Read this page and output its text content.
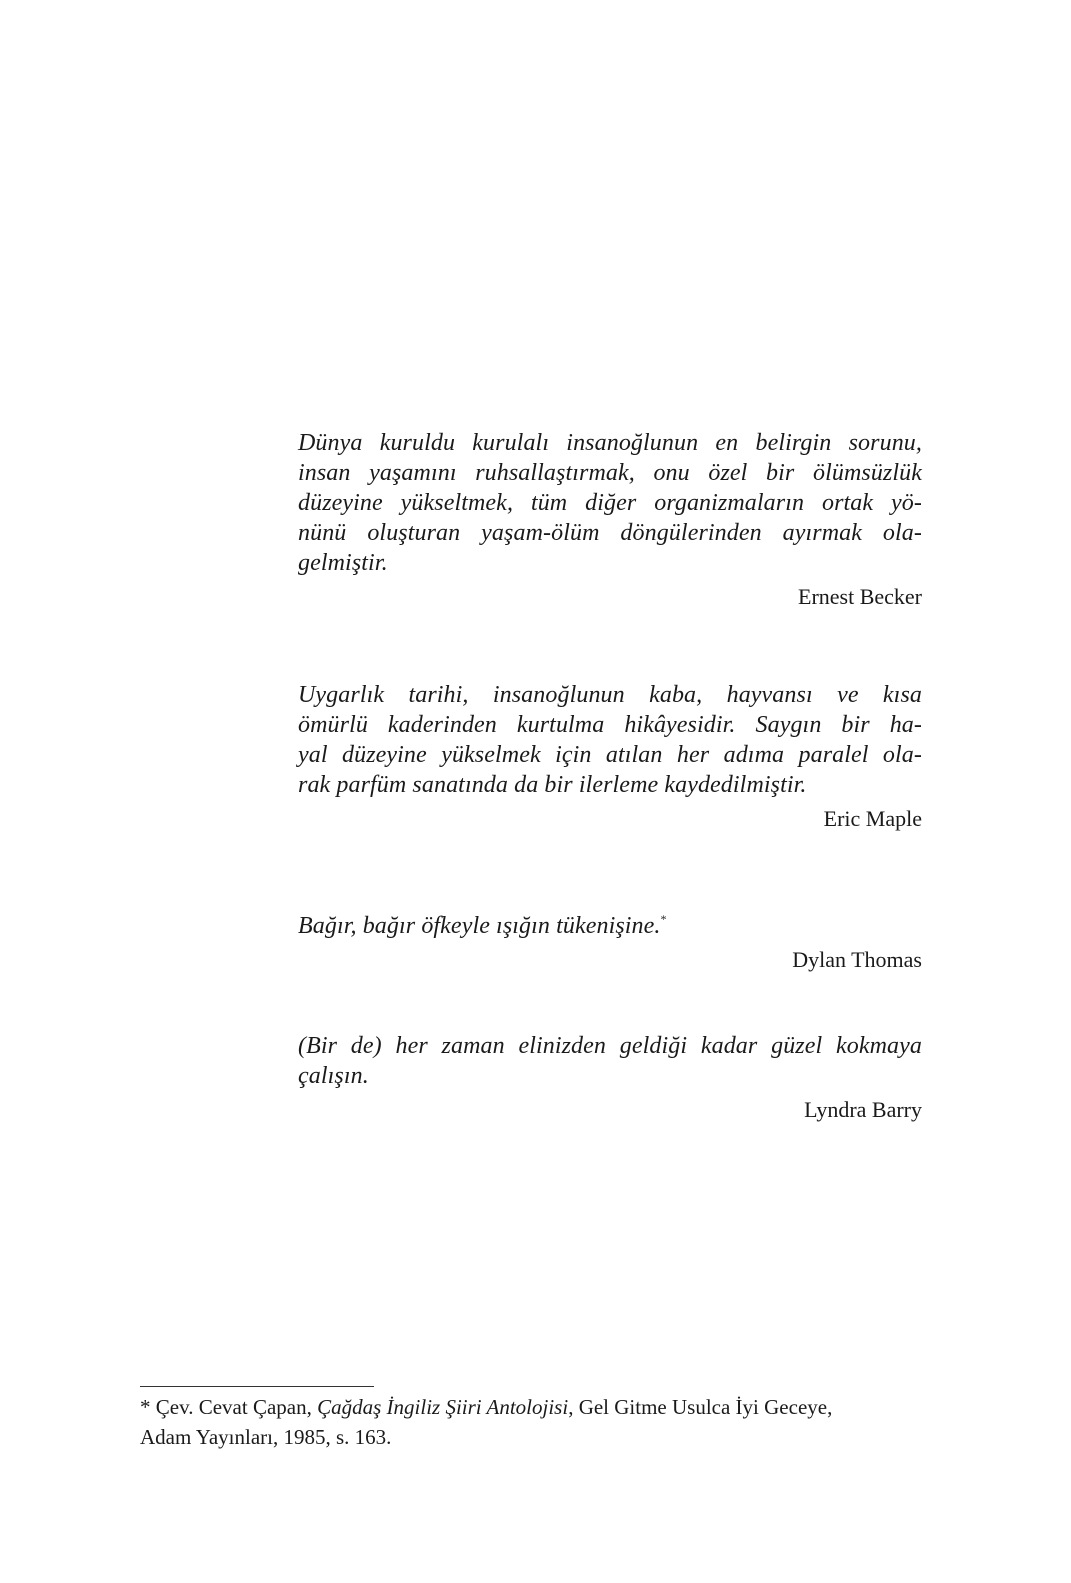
Dünya kuruldu kurulalı insanoğlunun en belirgin sorunu,
insan yaşamını ruhsallaştırmak, onu özel bir ölümsüzlük
düzeyine yükseltmek, tüm diğer organizmaların ortak yö-
nünü oluşturan yaşam-ölüm döngülerinden ayırmak ola-
gelmiştir.

Ernest Becker

Uygarlık tarihi, insanoğlunun kaba, hayvansı ve kısa
ömürlü kaderinden kurtulma hikâyesidir. Saygın bir ha-
yal düzeyine yükselmek için atılan her adıma paralel ola-
rak parfüm sanatında da bir ilerleme kaydedilmiştir.

Eric Maple

Bağır, bağır öfkeyle ışığın tükenişine.*

Dylan Thomas

(Bir de) her zaman elinizden geldiği kadar güzel kokmaya
çalışın.

Lyndra Barry

* Çev. Cevat Çapan, Çağdaş İngiliz Şiiri Antolojisi, Gel Gitme Usulca İyi Geceye,
Adam Yayınları, 1985, s. 163.
